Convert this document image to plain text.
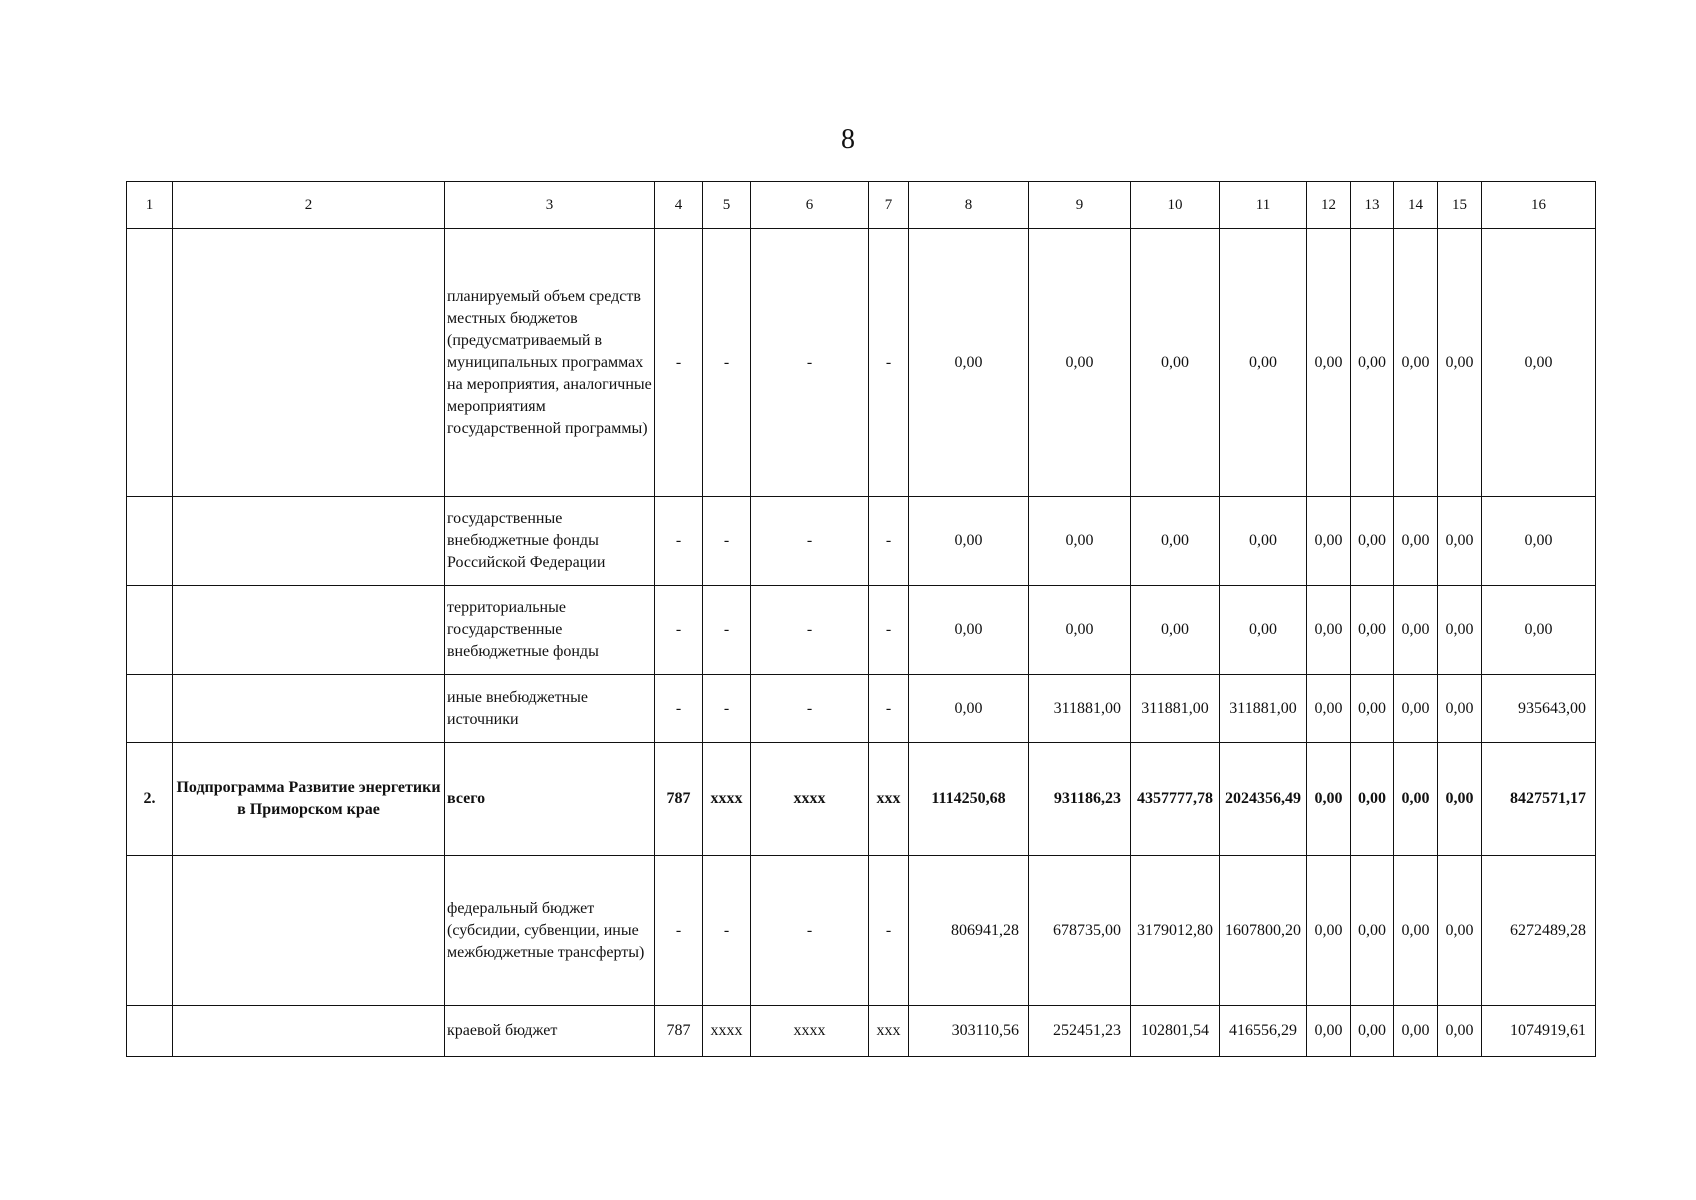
8
1	2	3	4	5	6	7	8	9	10	11	12	13	14	15	16
		планируемый объем средств местных бюджетов (предусматриваемый в муниципальных программах на мероприятия, аналогичные мероприятиям государственной программы)	-	-	-	-	0,00	0,00	0,00	0,00	0,00	0,00	0,00	0,00	0,00
		государственные внебюджетные фонды Российской Федерации	-	-	-	-	0,00	0,00	0,00	0,00	0,00	0,00	0,00	0,00	0,00
		территориальные государственные внебюджетные фонды	-	-	-	-	0,00	0,00	0,00	0,00	0,00	0,00	0,00	0,00	0,00
		иные внебюджетные источники	-	-	-	-	0,00	311881,00	311881,00	311881,00	0,00	0,00	0,00	0,00	935643,00
2.	Подпрограмма Развитие энергетики в Приморском крае	всего	787	хххх	хххх	ххх	1114250,68	931186,23	4357777,78	2024356,49	0,00	0,00	0,00	0,00	8427571,17
		федеральный бюджет (субсидии, субвенции, иные межбюджетные трансферты)	-	-	-	-	806941,28	678735,00	3179012,80	1607800,20	0,00	0,00	0,00	0,00	6272489,28
		краевой бюджет	787	хххх	хххх	ххх	303110,56	252451,23	102801,54	416556,29	0,00	0,00	0,00	0,00	1074919,61
